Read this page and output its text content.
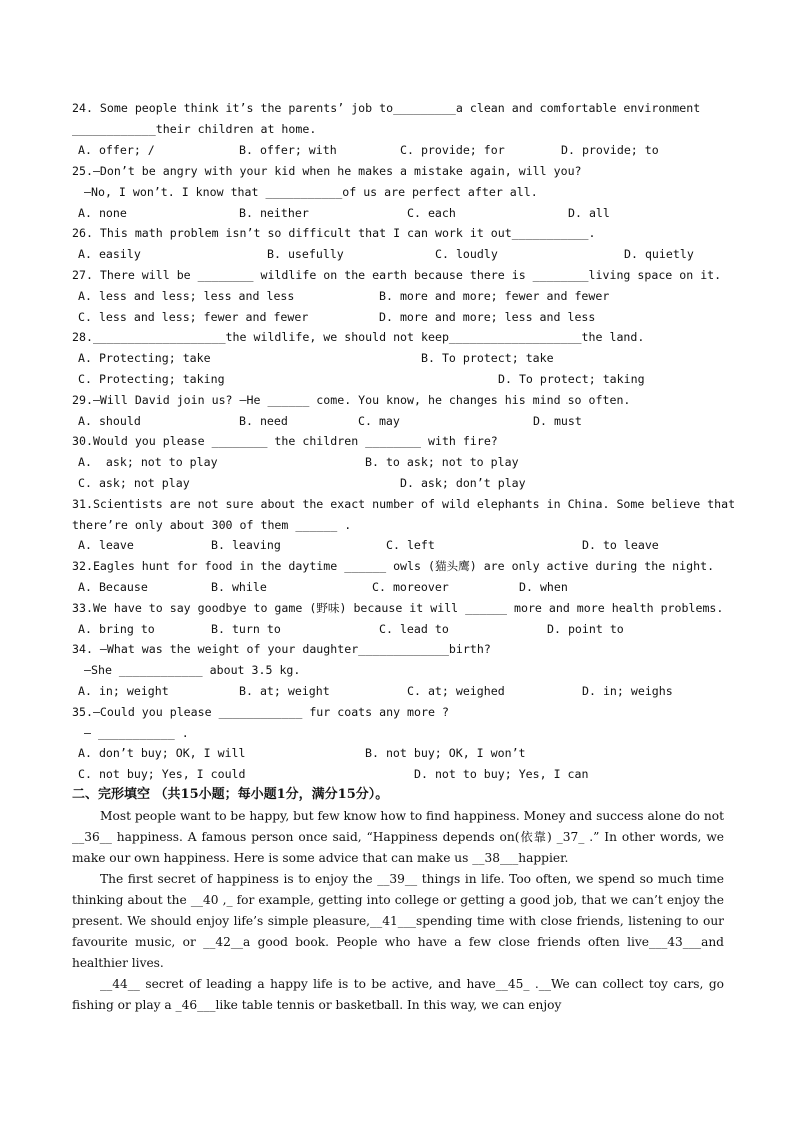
24. Some people think it’s the parents’ job to_________a clean and comfortable environment
____________their children at home.
A. offer; /	B. offer; with	C. provide; for	D. provide; to
25.—Don’t be angry with your kid when he makes a mistake again, will you?
—No, I won’t. I know that ___________of us are perfect after all.
A. none	B. neither	C. each	D. all
26. This math problem isn’t so difficult that I can work it out___________.
A. easily	B. usefully	C. loudly	D. quietly
27. There will be ________ wildlife on the earth because there is ________living space on it.
A. less and less; less and less	B. more and more; fewer and fewer
C. less and less; fewer and fewer	D. more and more; less and less
28.___________________the wildlife, we should not keep___________________the land.
A. Protecting; take	B. To protect; take
C. Protecting; taking	D. To protect; taking
29.—Will David join us? —He ______ come. You know, he changes his mind so often.
A. should	B. need	C. may	D. must
30.Would you please ________ the children ________ with fire?
A.  ask; not to play	B. to ask; not to play
C. ask; not play	D. ask; don’t play
31.Scientists are not sure about the exact number of wild elephants in China. Some believe that
there’re only about 300 of them ______ .
A. leave	B. leaving	C. left	D. to leave
32.Eagles hunt for food in the daytime ______ owls (猫头鹰) are only active during the night.
A. Because	B. while	C. moreover	D. when
33.We have to say goodbye to game (野味) because it will ______ more and more health problems.
A. bring to	B. turn to	C. lead to	D. point to
34. —What was the weight of your daughter_____________birth?
—She ____________ about 3.5 kg.
A. in; weight	B. at; weight	C. at; weighed	D. in; weighs
35.—Could you please ____________ fur coats any more ?
— ___________ .
A. don’t buy; OK, I will	B. not buy; OK, I won’t
C. not buy; Yes, I could	D. not to buy; Yes, I can
二、完形填空 （共15小题；每小题1分，满分15分）。

Most people want to be happy, but few know how to find happiness. Money and success alone do not __36__ happiness. A famous person once said, “Happiness depends on(依靠) _37_ .” In other words, we make our own happiness. Here is some advice that can make us __38___happier.

The first secret of happiness is to enjoy the __39__ things in life. Too often, we spend so much time thinking about the __40 ,_ for example, getting into college or getting a good job, that we can’t enjoy the present. We should enjoy life’s simple pleasure,__41___spending time with close friends, listening to our favourite music, or __42__a good book. People who have a few close friends often live___43___and healthier lives.

__44__ secret of leading a happy life is to be active, and have__45_ .__We can collect toy cars, go fishing or play a _46___like table tennis or basketball. In this way, we can enjoy
